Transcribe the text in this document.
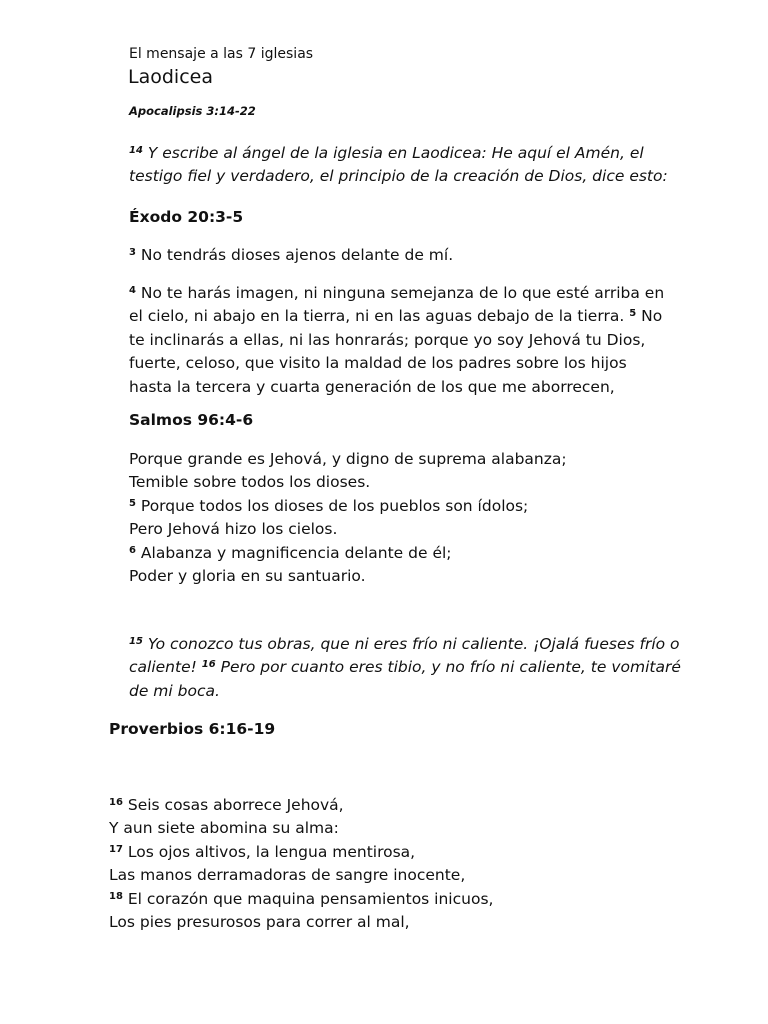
El mensaje a las 7 iglesias
Laodicea
Apocalipsis 3:14-22

$^{14}$ Y escribe al ángel de la iglesia en Laodicea: He aquí el Amén, el

testigo fiel y verdadero, el principio de la creación de Dios, dice esto:

Éxodo 20:3-5

$^3$ No tendrás dioses ajenos delante de mí.

$^4$ No te harás imagen, ni ninguna semejanza de lo que esté arriba en

el cielo, ni abajo en la tierra, ni en las aguas debajo de la tierra. $^5$ No

te inclinarás a ellas, ni las honrarás; porque yo soy Jehová tu Dios,

fuerte, celoso, que visito la maldad de los padres sobre los hijos

hasta la tercera y cuarta generación de los que me aborrecen,

Salmos 96:4-6

Porque grande es Jehová, y digno de suprema alabanza;

Temible sobre todos los dioses.

$^5$ Porque todos los dioses de los pueblos son ídolos;

Pero Jehová hizo los cielos.

$^6$ Alabanza y magnificencia delante de él;

Poder y gloria en su santuario.

$^{15}$ Yo conozco tus obras, que ni eres frío ni caliente. ¡Ojalá fueses frío o

caliente! $^{16}$ Pero por cuanto eres tibio, y no frío ni caliente, te vomitaré

de mi boca.

Proverbios 6:16-19

$^{16}$ Seis cosas aborrece Jehová,

Y aun siete abomina su alma:

$^{17}$ Los ojos altivos, la lengua mentirosa,

Las manos derramadoras de sangre inocente,

$^{18}$ El corazón que maquina pensamientos inicuos,

Los pies presurosos para correr al mal,
